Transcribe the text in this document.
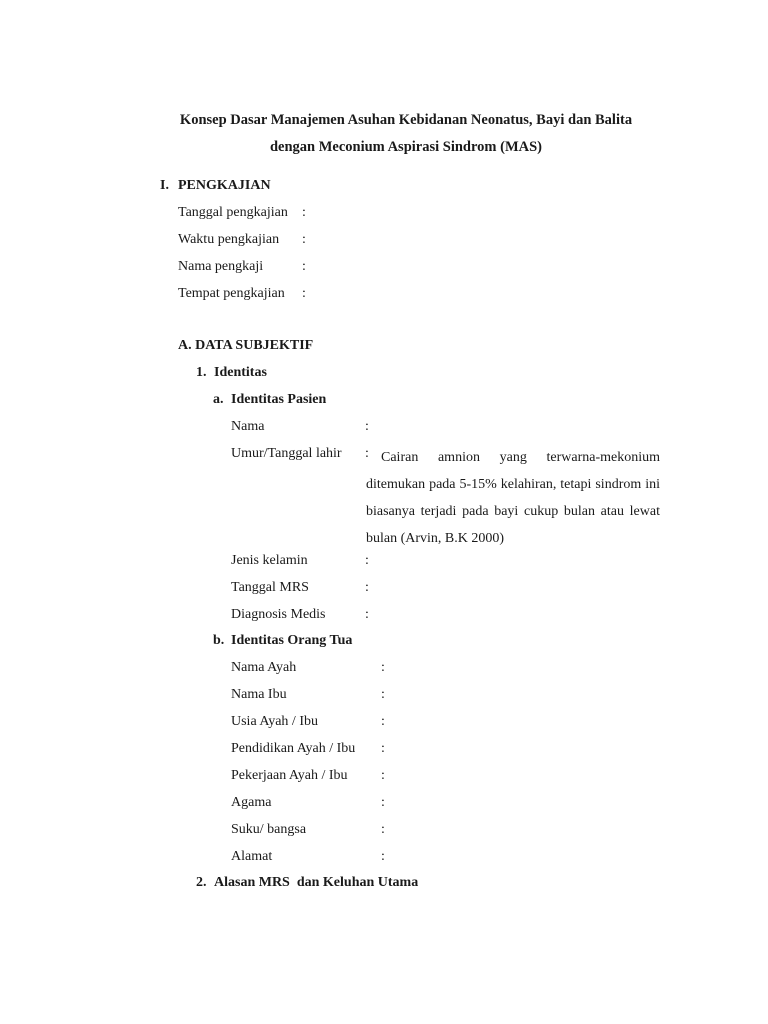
Konsep Dasar Manajemen Asuhan Kebidanan Neonatus, Bayi dan Balita
dengan Meconium Aspirasi Sindrom (MAS)
I. PENGKAJIAN
Tanggal pengkajian :
Waktu pengkajian :
Nama pengkaji	:
Tempat pengkajian :
A. DATA SUBJEKTIF
1. Identitas
a. Identitas Pasien
Nama	:
Umur/Tanggal lahir : Cairan amnion yang terwarna-mekonium ditemukan pada 5-15% kelahiran, tetapi sindrom ini biasanya terjadi pada bayi cukup bulan atau lewat bulan (Arvin, B.K 2000)
Jenis kelamin	:
Tanggal MRS	:
Diagnosis Medis	:
b. Identitas Orang Tua
Nama Ayah	:
Nama Ibu	:
Usia Ayah / Ibu	:
Pendidikan Ayah / Ibu :
Pekerjaan Ayah / Ibu :
Agama	:
Suku/ bangsa	:
Alamat	:
2. Alasan MRS  dan Keluhan Utama
